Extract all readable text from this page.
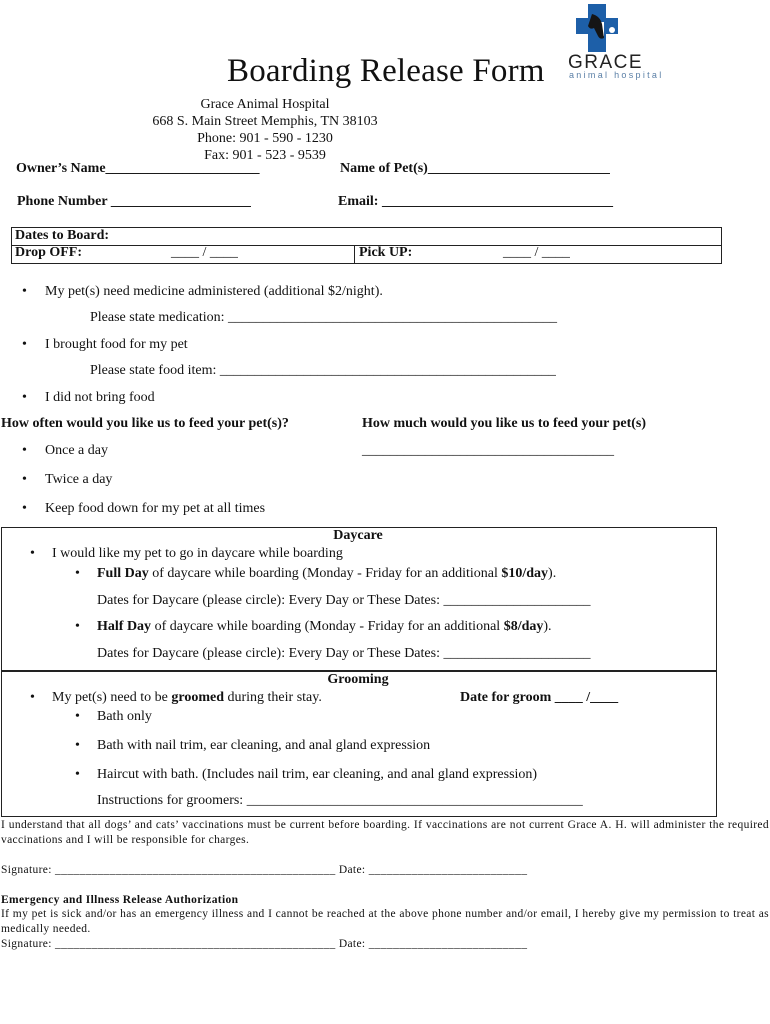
Boarding Release Form
Grace Animal Hospital
668 S. Main Street Memphis, TN 38103
Phone: 901 - 590 - 1230
Fax: 901 - 523 - 9539
GRACE
animal hospital
Owner’s Name______________________	Name of Pet(s)__________________________
Phone Number ____________________	Email: _________________________________
Dates to Board:
Drop OFF:	____ / ____	Pick UP:	____ / ____
• My pet(s) need medicine administered (additional $2/night).
Please state medication: _______________________________________________
• I brought food for my pet
Please state food item: ________________________________________________
• I did not bring food
How often would you like us to feed your pet(s)?	How much would you like us to feed your pet(s)
• Once a day	____________________________________
• Twice a day
• Keep food down for my pet at all times
Daycare
• I would like my pet to go in daycare while boarding
• Full Day of daycare while boarding (Monday - Friday for an additional $10/day).
Dates for Daycare (please circle): Every Day or These Dates: _____________________
• Half Day of daycare while boarding (Monday - Friday for an additional $8/day).
Dates for Daycare (please circle): Every Day or These Dates: _____________________
Grooming
• My pet(s) need to be groomed during their stay.	Date for groom ____ /____
• Bath only
• Bath with nail trim, ear cleaning, and anal gland expression
• Haircut with bath. (Includes nail trim, ear cleaning, and anal gland expression)
Instructions for groomers: ________________________________________________
I understand that all dogs’ and cats’ vaccinations must be current before boarding. If vaccinations are not current Grace A. H. will administer the required vaccinations and I will be responsible for charges.
Signature: ______________________________________________ Date: __________________________
Emergency and Illness Release Authorization
If my pet is sick and/or has an emergency illness and I cannot be reached at the above phone number and/or email, I hereby give my permission to treat as medically needed.
Signature: ______________________________________________ Date: __________________________
